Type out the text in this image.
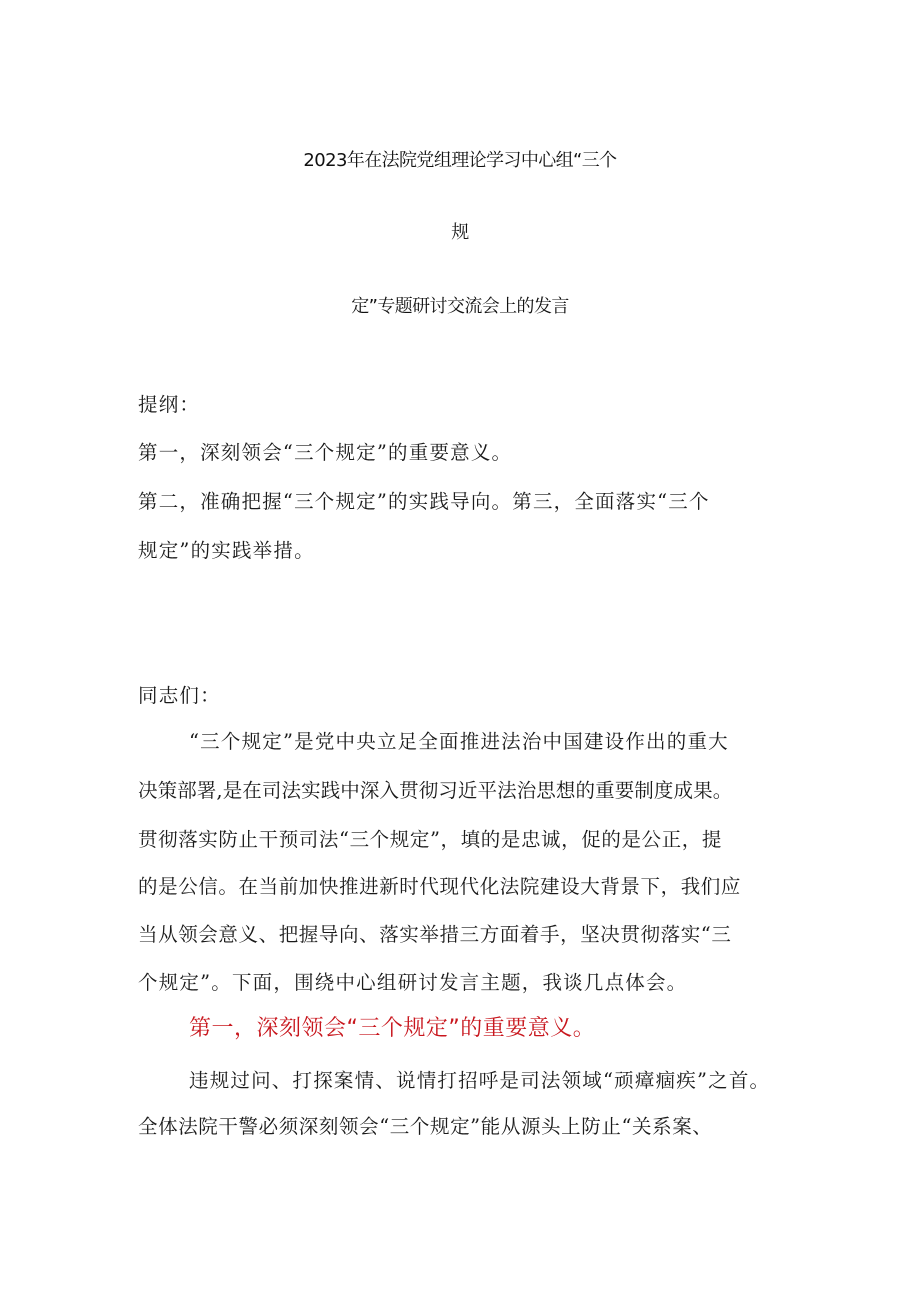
2023年在法院党组理论学习中心组“三个
规
定”专题研讨交流会上的发言
提纲：
第一，深刻领会“三个规定”的重要意义。
第二，准确把握“三个规定”的实践导向。第三，全面落实“三个
规定”的实践举措。
同志们：
“三个规定”是党中央立足全面推进法治中国建设作出的重大
决策部署,是在司法实践中深入贯彻习近平法治思想的重要制度成果。
贯彻落实防止干预司法“三个规定”，填的是忠诚，促的是公正，提
的是公信。在当前加快推进新时代现代化法院建设大背景下，我们应
当从领会意义、把握导向、落实举措三方面着手，坚决贯彻落实“三
个规定”。下面，围绕中心组研讨发言主题，我谈几点体会。
第一，深刻领会“三个规定”的重要意义。
违规过问、打探案情、说情打招呼是司法领域“顽瘴痼疾”之首。
全体法院干警必须深刻领会“三个规定”能从源头上防止“关系案、
